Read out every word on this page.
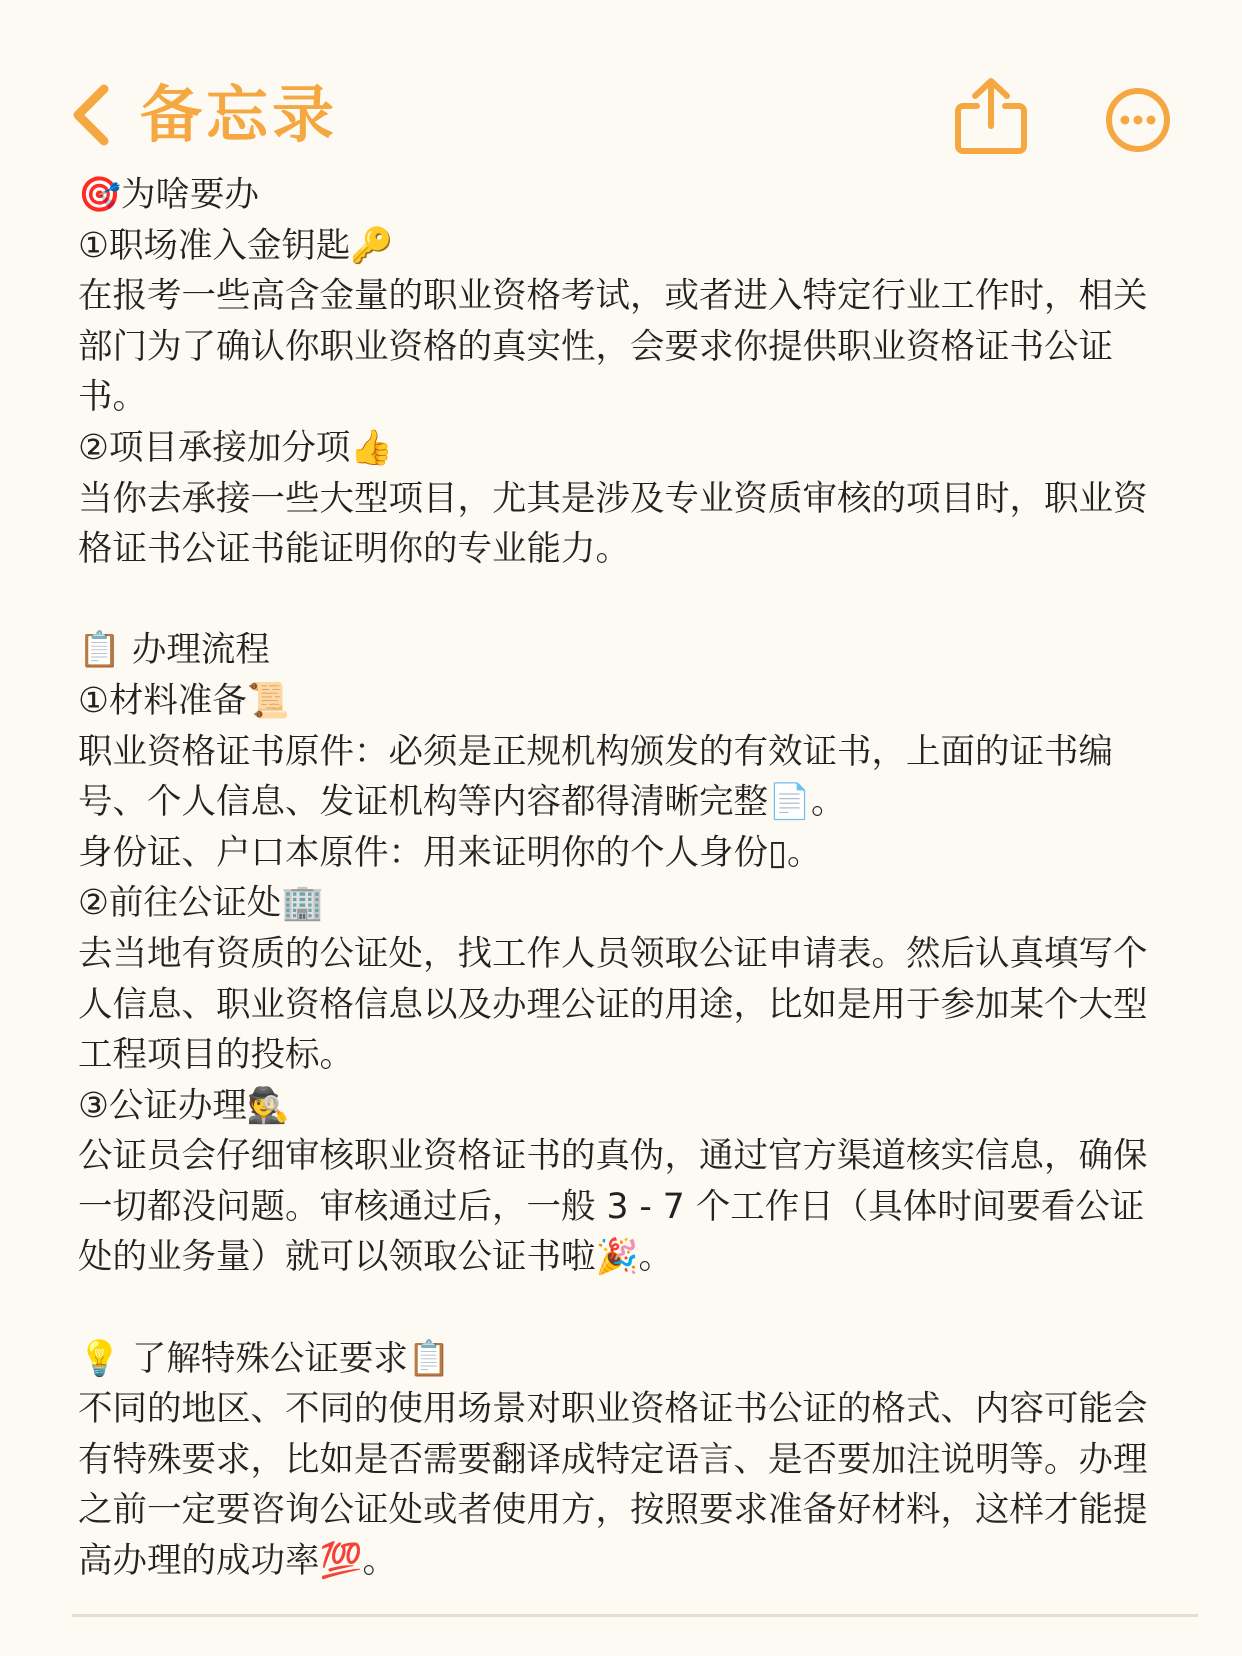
备忘录
🎯为啥要办
①职场准入金钥匙🔑
在报考一些高含金量的职业资格考试，或者进入特定行业工作时，相关
部门为了确认你职业资格的真实性，会要求你提供职业资格证书公证
书。
②项目承接加分项👍
当你去承接一些大型项目，尤其是涉及专业资质审核的项目时，职业资
格证书公证书能证明你的专业能力。
📋 办理流程
①材料准备📜
职业资格证书原件：必须是正规机构颁发的有效证书，上面的证书编
号、个人信息、发证机构等内容都得清晰完整📄。
身份证、户口本原件：用来证明你的个人身份▯。
②前往公证处🏢
去当地有资质的公证处，找工作人员领取公证申请表。然后认真填写个
人信息、职业资格信息以及办理公证的用途，比如是用于参加某个大型
工程项目的投标。
③公证办理🕵
公证员会仔细审核职业资格证书的真伪，通过官方渠道核实信息，确保
一切都没问题。审核通过后，一般 3 - 7 个工作日（具体时间要看公证
处的业务量）就可以领取公证书啦🎉。
💡 了解特殊公证要求📋
不同的地区、不同的使用场景对职业资格证书公证的格式、内容可能会
有特殊要求，比如是否需要翻译成特定语言、是否要加注说明等。办理
之前一定要咨询公证处或者使用方，按照要求准备好材料，这样才能提
高办理的成功率💯。
